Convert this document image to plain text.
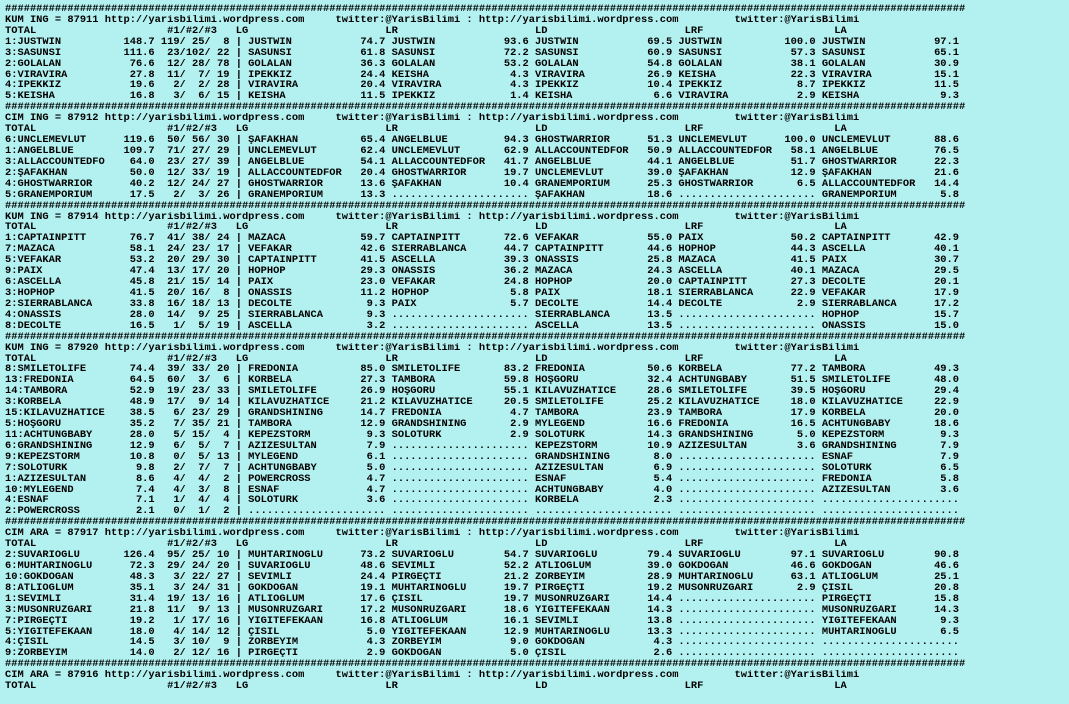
##########################################################################################################################################################
KUM ING = 87911 http://yarisbilimi.wordpress.com     twitter:@YarisBilimi : http://yarisbilimi.wordpress.com         twitter:@YarisBilimi
TOTAL                     #1/#2/#3   LG                      LR                      LD                      LRF                     LA
1:JUSTWIN          148.7 119/ 25/  8 | JUSTWIN           74.7 JUSTWIN           93.6 JUSTWIN           69.5 JUSTWIN          100.0 JUSTWIN           97.1
3:SASUNSI          111.6  23/102/ 22 | SASUNSI           61.8 SASUNSI           72.2 SASUNSI           60.9 SASUNSI           57.3 SASUNSI           65.1
2:GÖLALAN           76.6  12/ 28/ 78 | GÖLALAN           36.3 GÖLALAN           53.2 GÖLALAN           54.8 GÖLALAN           38.1 GÖLALAN           30.9
6:VİRAVİRA          27.8  11/  7/ 19 | İPEKKIZ           24.4 KEISHA             4.3 VİRAVİRA          26.9 KEISHA            22.3 VİRAVİRA          15.1
4:İPEKKIZ           19.6   2/  2/ 28 | VİRAVİRA          20.4 VİRAVİRA           4.3 İPEKKIZ           10.4 İPEKKIZ            8.7 İPEKKIZ           11.5
5:KEISHA            16.8   3/  6/ 15 | KEISHA            11.5 İPEKKIZ            1.4 KEISHA             6.6 VİRAVİRA           2.9 KEISHA             9.3
##########################################################################################################################################################
CIM ING = 87912 http://yarisbilimi.wordpress.com     twitter:@YarisBilimi : http://yarisbilimi.wordpress.com         twitter:@YarisBilimi
TOTAL                     #1/#2/#3   LG                      LR                      LD                      LRF                     LA
6:UNCLEMEVLÜT      119.6  50/ 56/ 30 | ŞAFAKHAN          65.4 ANGELBLUE         94.3 GHOSTWARRIOR      51.3 UNCLEMEVLÜT      100.0 UNCLEMEVLÜT       88.6
1:ANGELBLUE        109.7  71/ 27/ 29 | UNCLEMEVLÜT       62.4 UNCLEMEVLÜT       62.9 ALLACCOUNTEDFOR   50.9 ALLACCOUNTEDFOR   58.1 ANGELBLUE         76.5
3:ALLACCOUNTEDFO    64.0  23/ 27/ 39 | ANGELBLUE         54.1 ALLACCOUNTEDFOR   41.7 ANGELBLUE         44.1 ANGELBLUE         51.7 GHOSTWARRIOR      22.3
2:ŞAFAKHAN          50.0  12/ 33/ 19 | ALLACCOUNTEDFOR   20.4 GHOSTWARRIOR      19.7 UNCLEMEVLÜT       39.0 ŞAFAKHAN          12.9 ŞAFAKHAN          21.6
4:GHOSTWARRIOR      40.2  12/ 24/ 27 | GHOSTWARRIOR      13.6 ŞAFAKHAN          10.4 GRANEMPORIUM      25.3 GHOSTWARRIOR       6.5 ALLACCOUNTEDFOR   14.4
5:GRANEMPORIUM      17.5   2/  3/ 26 | GRANEMPORIUM      13.3 ...................... ŞAFAKHAN          18.6 ...................... GRANEMPORIUM       5.8
##########################################################################################################################################################
KUM ING = 87914 http://yarisbilimi.wordpress.com     twitter:@YarisBilimi : http://yarisbilimi.wordpress.com         twitter:@YarisBilimi
TOTAL                     #1/#2/#3   LG                      LR                      LD                      LRF                     LA
1:CAPTAINPITT       76.7  41/ 38/ 24 | MAZACA            59.7 CAPTAINPITT       72.6 VEFAKAR           55.0 PAIX              50.2 CAPTAINPITT       42.9
7:MAZACA            58.1  24/ 23/ 17 | VEFAKAR           42.6 SIERRABLANCA      44.7 CAPTAINPITT       44.6 HOPHOP            44.3 ASCELLA           40.1
5:VEFAKAR           53.2  20/ 29/ 30 | CAPTAINPITT       41.5 ASCELLA           39.3 ONASSIS           25.8 MAZACA            41.5 PAIX              30.7
9:PAIX              47.4  13/ 17/ 20 | HOPHOP            29.3 ONASSIS           36.2 MAZACA            24.3 ASCELLA           40.1 MAZACA            29.5
6:ASCELLA           45.8  21/ 15/ 14 | PAIX              23.0 VEFAKAR           24.8 HOPHOP            20.0 CAPTAINPITT       27.3 DECOLTE           20.1
3:HOPHOP            41.5  20/ 16/  8 | ONASSIS           11.2 HOPHOP             5.8 PAIX              18.1 SIERRABLANCA      22.9 VEFAKAR           17.9
2:SIERRABLANCA      33.8  16/ 18/ 13 | DECOLTE            9.3 PAIX               5.7 DECOLTE           14.4 DECOLTE            2.9 SIERRABLANCA      17.2
4:ONASSIS           28.0  14/  9/ 25 | SIERRABLANCA       9.3 ...................... SIERRABLANCA      13.5 ...................... HOPHOP            15.7
8:DECOLTE           16.5   1/  5/ 19 | ASCELLA            3.2 ...................... ASCELLA           13.5 ...................... ONASSIS           15.0
##########################################################################################################################################################
KUM ING = 87920 http://yarisbilimi.wordpress.com     twitter:@YarisBilimi : http://yarisbilimi.wordpress.com         twitter:@YarisBilimi
TOTAL                     #1/#2/#3   LG                      LR                      LD                      LRF                     LA
8:SMILETOLIFE       74.4  39/ 33/ 20 | FREDONIA          85.0 SMILETOLIFE       83.2 FREDONIA          50.6 KÖRBELA           77.2 TAMBORA           49.3
13:FREDONIA         64.5  60/  3/  6 | KÖRBELA           27.3 TAMBORA           59.8 HOŞGÖRÜ           32.4 ACHTUNGBABY       51.5 SMILETOLIFE       48.0
14:TAMBORA          52.9  19/ 23/ 33 | SMILETOLIFE       26.9 HOŞGÖRÜ           55.1 KILAVUZHATİCE     28.6 SMILETOLIFE       39.5 HOŞGÖRÜ           29.4
3:KÖRBELA           48.9  17/  9/ 14 | KILAVUZHATİCE     21.2 KILAVUZHATİCE     20.5 SMILETOLIFE       25.2 KILAVUZHATİCE     18.0 KILAVUZHATİCE     22.9
15:KILAVUZHATİCE    38.5   6/ 23/ 29 | GRANDSHINING      14.7 FREDONIA           4.7 TAMBORA           23.9 TAMBORA           17.9 KÖRBELA           20.0
5:HOŞGÖRÜ           35.2   7/ 35/ 21 | TAMBORA           12.9 GRANDSHINING       2.9 MYLEGEND          16.6 FREDONIA          16.5 ACHTUNGBABY       18.6
11:ACHTUNGBABY      28.0   5/ 15/  4 | KEPEZSTORM         9.3 SOLOTÜRK           2.9 SOLOTÜRK          14.3 GRANDSHINING       5.0 KEPEZSTORM         9.3
6:GRANDSHINING      12.9   6/  5/  7 | AZİZESULTAN        7.9 ...................... KEPEZSTORM        10.9 AZİZESULTAN        3.6 GRANDSHINING       7.9
9:KEPEZSTORM        10.8   0/  5/ 13 | MYLEGEND           6.1 ...................... GRANDSHINING       8.0 ...................... ESNAF              7.9
7:SOLOTÜRK           9.8   2/  7/  7 | ACHTUNGBABY        5.0 ...................... AZİZESULTAN        6.9 ...................... SOLOTÜRK           6.5
1:AZİZESULTAN        8.6   4/  4/  2 | POWERCROSS         4.7 ...................... ESNAF              5.4 ...................... FREDONIA           5.8
10:MYLEGEND          7.4   4/  3/  8 | ESNAF              4.7 ...................... ACHTUNGBABY        4.0 ...................... AZİZESULTAN        3.6
4:ESNAF              7.1   1/  4/  4 | SOLOTÜRK           3.6 ...................... KÖRBELA            2.3 ...................... ......................
2:POWERCROSS         2.1   0/  1/  2 | ...................... ...................... ...................... ...................... ......................
##########################################################################################################################################################
CIM ARA = 87917 http://yarisbilimi.wordpress.com     twitter:@YarisBilimi : http://yarisbilimi.wordpress.com         twitter:@YarisBilimi
TOTAL                     #1/#2/#3   LG                      LR                      LD                      LRF                     LA
2:SÜVARİOĞLU       126.4  95/ 25/ 10 | MUHTARINOĞLU      73.2 SÜVARİOĞLU        54.7 SÜVARİOĞLU        79.4 SÜVARİOĞLU        97.1 SÜVARİOĞLU        90.8
6:MUHTARINOĞLU      72.3  29/ 24/ 20 | SÜVARİOĞLU        48.6 SEVİMLİ           52.2 ATLIOĞLUM         39.0 GÖKDOĞAN          46.6 GÖKDOĞAN          46.6
10:GÖKDOĞAN         48.3   3/ 22/ 27 | SEVİMLİ           24.4 PİRGEÇTİ          21.2 ZORBEYİM          28.9 MUHTARINOĞLU      63.1 ATLIOĞLUM         25.1
8:ATLIOĞLUM         35.1   3/ 24/ 31 | GÖKDOĞAN          19.1 MUHTARINOĞLU      19.7 PİRGEÇTİ          19.2 MUSONRÜZGARI       2.9 ÇİSİL             20.8
1:SEVİMLİ           31.4  19/ 13/ 16 | ATLIOĞLUM         17.6 ÇİSİL             19.7 MUSONRÜZGARI      14.4 ...................... PİRGEÇTİ          15.8
3:MUSONRÜZGARI      21.8  11/  9/ 13 | MUSONRÜZGARI      17.2 MUSONRÜZGARI      18.6 YİĞİTEFEKAAN      14.3 ...................... MUSONRÜZGARI      14.3
7:PİRGEÇTİ          19.2   1/ 17/ 16 | YİĞİTEFEKAAN      16.8 ATLIOĞLUM         16.1 SEVİMLİ           13.8 ...................... YİĞİTEFEKAAN       9.3
5:YİĞİTEFEKAAN      18.0   4/ 14/ 12 | ÇİSİL              5.0 YİĞİTEFEKAAN      12.9 MUHTARINOĞLU      13.3 ...................... MUHTARINOĞLU       6.5
4:ÇİSİL             14.5   3/ 10/  9 | ZORBEYİM           4.3 ZORBEYİM           9.0 GÖKDOĞAN           4.3 ...................... ......................
9:ZORBEYİM          14.0   2/ 12/ 16 | PİRGEÇTİ           2.9 GÖKDOĞAN           5.0 ÇİSİL              2.6 ...................... ......................
##########################################################################################################################################################
CIM ARA = 87916 http://yarisbilimi.wordpress.com     twitter:@YarisBilimi : http://yarisbilimi.wordpress.com         twitter:@YarisBilimi
TOTAL                     #1/#2/#3   LG                      LR                      LD                      LRF                     LA
